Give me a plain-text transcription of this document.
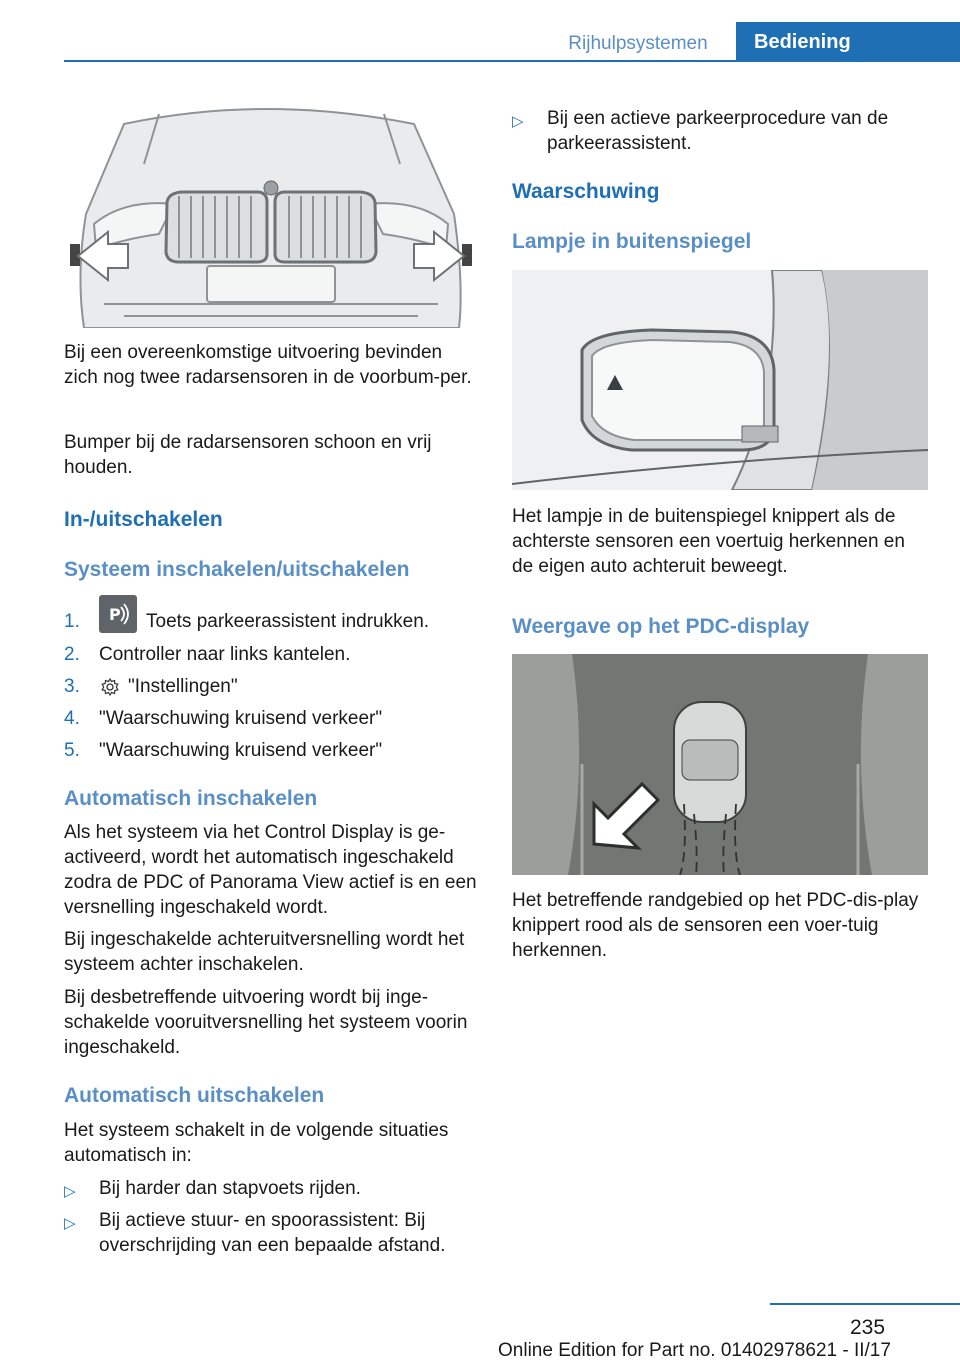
Rijhulpsystemen	Bediening

Bij een overeenkomstige uitvoering bevinden zich nog twee radarsensoren in de voorbum-per.

Bumper bij de radarsensoren schoon en vrij houden.

In-/uitschakelen
Systeem inschakelen/uitschakelen
1. P Toets parkeerassistent indrukken.
2. Controller naar links kantelen.
3.	"Instellingen"
4. "Waarschuwing kruisend verkeer"
5. "Waarschuwing kruisend verkeer"
Automatisch inschakelen

Als het systeem via het Control Display is ge-activeerd, wordt het automatisch ingeschakeld zodra de PDC of Panorama View actief is en een versnelling ingeschakeld wordt.

Bij ingeschakelde achteruitversnelling wordt het systeem achter inschakelen.

Bij desbetreffende uitvoering wordt bij inge-schakelde vooruitversnelling het systeem voorin ingeschakeld.

Automatisch uitschakelen

Het systeem schakelt in de volgende situaties automatisch in:

▷ Bij harder dan stapvoets rijden.
▷ Bij actieve stuur- en spoorassistent: Bij overschrijding van een bepaalde afstand.
▷ Bij een actieve parkeerprocedure van de parkeerassistent.
Waarschuwing
Lampje in buitenspiegel

Het lampje in de buitenspiegel knippert als de achterste sensoren een voertuig herkennen en de eigen auto achteruit beweegt.

Weergave op het PDC-display

Het betreffende randgebied op het PDC-dis-play knippert rood als de sensoren een voer-tuig herkennen.

235
Online Edition for Part no. 01402978621 - II/17
